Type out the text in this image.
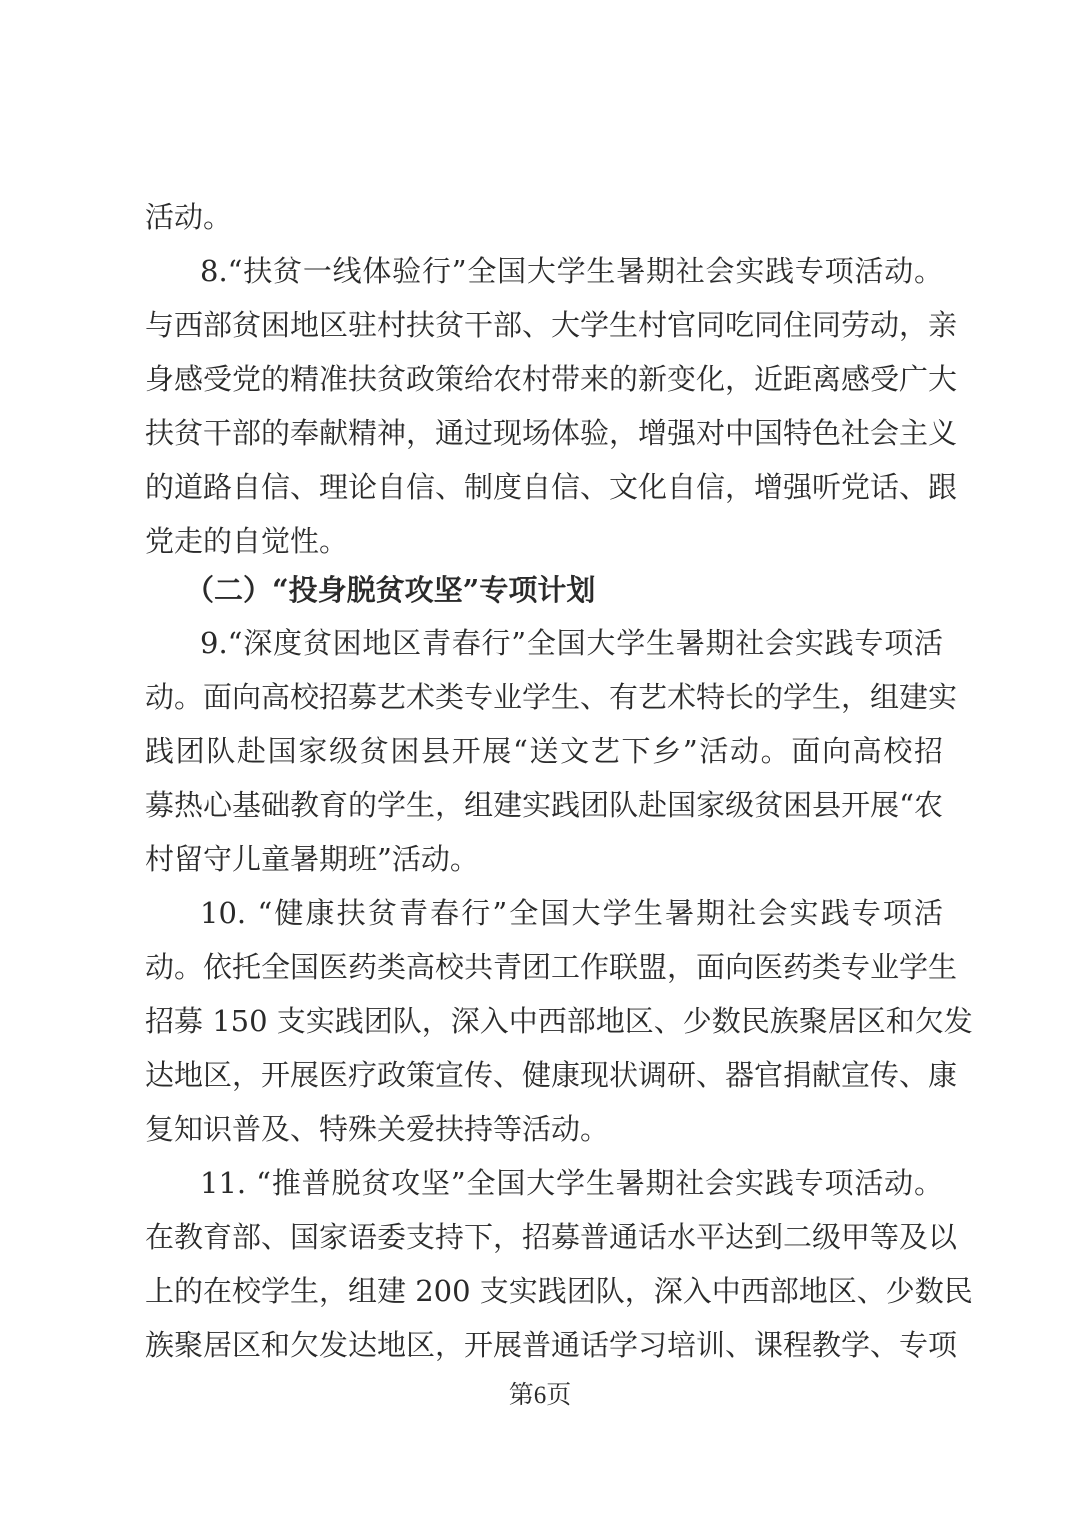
活动。
8.“扶贫一线体验行”全国大学生暑期社会实践专项活动。
与西部贫困地区驻村扶贫干部、大学生村官同吃同住同劳动，亲
身感受党的精准扶贫政策给农村带来的新变化，近距离感受广大
扶贫干部的奉献精神，通过现场体验，增强对中国特色社会主义
的道路自信、理论自信、制度自信、文化自信，增强听党话、跟
党走的自觉性。
（二）“投身脱贫攻坚”专项计划
9.“深度贫困地区青春行”全国大学生暑期社会实践专项活
动。面向高校招募艺术类专业学生、有艺术特长的学生，组建实
践团队赴国家级贫困县开展“送文艺下乡”活动。面向高校招
募热心基础教育的学生，组建实践团队赴国家级贫困县开展“农
村留守儿童暑期班”活动。
10. “健康扶贫青春行”全国大学生暑期社会实践专项活
动。依托全国医药类高校共青团工作联盟，面向医药类专业学生
招募 150 支实践团队，深入中西部地区、少数民族聚居区和欠发
达地区，开展医疗政策宣传、健康现状调研、器官捐献宣传、康
复知识普及、特殊关爱扶持等活动。
11. “推普脱贫攻坚”全国大学生暑期社会实践专项活动。
在教育部、国家语委支持下，招募普通话水平达到二级甲等及以
上的在校学生，组建 200 支实践团队，深入中西部地区、少数民
族聚居区和欠发达地区，开展普通话学习培训、课程教学、专项
第6页
